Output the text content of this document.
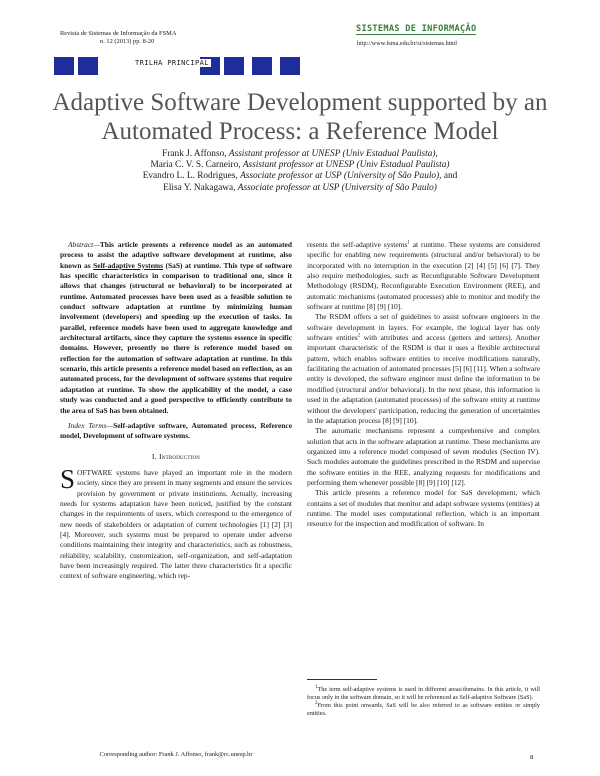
Revista de Sistemas de Informação da FSMA
n. 12 (2013) pp. 8-20
SISTEMAS DE INFORMAÇÃO
http://www.fsma.edu.br/si/sistemas.html
TRILHA PRINCIPAL
Adaptive Software Development supported by an Automated Process: a Reference Model
Frank J. Affonso, Assistant professor at UNESP (Univ Estadual Paulista),
Maria C. V. S. Carneiro, Assistant professor at UNESP (Univ Estadual Paulista)
Evandro L. L. Rodrigues, Associate professor at USP (University of São Paulo), and
Elisa Y. Nakagawa, Associate professor at USP (University of São Paulo)

Abstract—This article presents a reference model as an automated process to assist the adaptive software development at runtime, also known as Self-adaptive Systems (SaS) at runtime. This type of software has specific characteristics in comparison to traditional one, since it allows that changes (structural or behavioral) to be incorporated at runtime. Automated processes have been used as a feasible solution to conduct software adaptation at runtime by minimizing human involvement (developers) and speeding up the execution of tasks. In parallel, reference models have been used to aggregate knowledge and architectural artifacts, since they capture the systems essence in specific domains. However, presently no there is reference model based on reflection for the automation of software adaptation at runtime. In this scenario, this article presents a reference model based on reflection, as an automated process, for the development of software systems that require adaptation at runtime. To show the applicability of the model, a case study was conducted and a good perspective to efficiently contribute to the area of SaS has been obtained.

Index Terms—Self-adaptive software, Automated process, Reference model, Development of software systems.

I. Introduction

SOFTWARE systems have played an important role in the modern society, since they are present in many segments and ensure the services provision by government or private institutions. Actually, increasing needs for systems adaptation have been noticed, justified by the constant changes in the requirements of users, which correspond to the emergence of new needs of stakeholders or adaptation of current technologies [1] [2] [3] [4]. Moreover, such systems must be prepared to operate under adverse conditions maintaining their integrity and characteristics, such as robustness, reliability, scalability, customization, self-organization, and self-adaptation have been increasingly required. The latter three characteristics fit a specific context of software engineering, which rep-

resents the self-adaptive systems$^1$ at runtime. These systems are considered specific for enabling new requirements (structural and/or behavioral) to be incorporated with no interruption in the execution [2] [4] [5] [6] [7]. They also require methodologies, such as Reconfigurable Software Development Methodology (RSDM), Reconfigurable Execution Environment (REE), and automatic mechanisms (automated processes) able to monitor and modify the software at runtime [8] [9] [10].

The RSDM offers a set of guidelines to assist software engineers in the software development in layers. For example, the logical layer has only software entities$^2$ with attributes and access (getters and setters). Another important characteristic of the RSDM is that it uses a flexible architectural pattern, which enables software entities to receive modifications naturally, facilitating the actuation of automated processes [5] [6] [11]. When a software entity is developed, the software engineer must define the information to be modified (structural and/or behavioral). In the next phase, this information is used in the adaptation (automated processes) of the software entity at runtime without the developers' participation, reducing the generation of uncertainties in the adaptation process [8] [9] [10].

The automatic mechanisms represent a comprehensive and complex solution that acts in the software adaptation at runtime. These mechanisms are organized into a reference model composed of seven modules (Section IV). Such modules automate the guidelines prescribed in the RSDM and supervise the software entities in the REE, analyzing requests for modifications and performing them whenever possible [8] [9] [10] [12].

This article presents a reference model for SaS development, which contains a set of modules that monitor and adapt software systems (entities) at runtime. The model uses computational reflection, which is an important resource for the inspection and modification of software. In

$^1$The term self-adaptive systems is used in different areas/domains. In this article, it will focus only in the software domain, so it will be referenced as Self-adaptive Software (SaS).

$^2$From this point onwards, SaS will be also referred to as software entities or simply entities.

Corresponding author: Frank J. Affonso, frank@rc.unesp.br	8
